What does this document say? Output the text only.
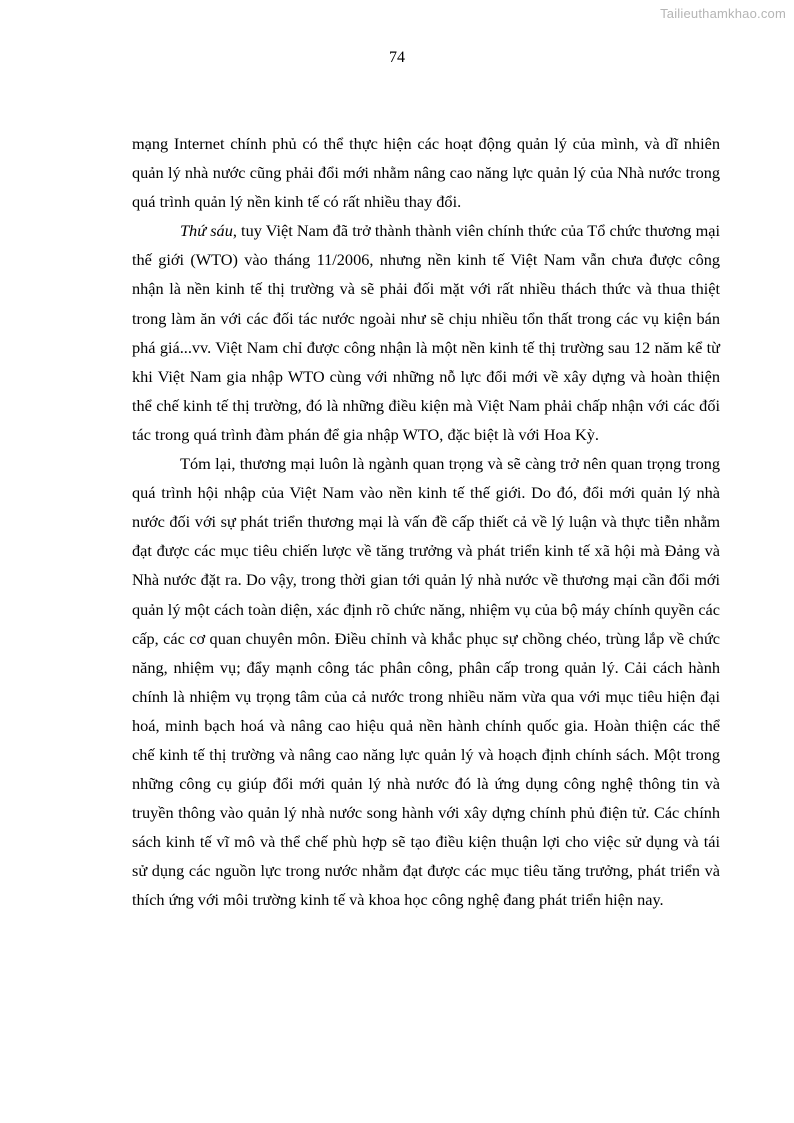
Tailieuthamkhao.com
74

mạng Internet chính phủ có thể thực hiện các hoạt động quản lý của mình, và dĩ nhiên quản lý nhà nước cũng phải đổi mới nhằm nâng cao năng lực quản lý của Nhà nước trong quá trình quản lý nền kinh tế có rất nhiều thay đổi.

Thứ sáu, tuy Việt Nam đã trở thành thành viên chính thức của Tổ chức thương mại thế giới (WTO) vào tháng 11/2006, nhưng nền kinh tế Việt Nam vẫn chưa được công nhận là nền kinh tế thị trường và sẽ phải đối mặt với rất nhiều thách thức và thua thiệt trong làm ăn với các đối tác nước ngoài như sẽ chịu nhiều tổn thất trong các vụ kiện bán phá giá...vv. Việt Nam chỉ được công nhận là một nền kinh tế thị trường sau 12 năm kể từ khi Việt Nam gia nhập WTO cùng với những nỗ lực đổi mới về xây dựng và hoàn thiện thể chế kinh tế thị trường, đó là những điều kiện mà Việt Nam phải chấp nhận với các đối tác trong quá trình đàm phán để gia nhập WTO, đặc biệt là với Hoa Kỳ.

Tóm lại, thương mại luôn là ngành quan trọng và sẽ càng trở nên quan trọng trong quá trình hội nhập của Việt Nam vào nền kinh tế thế giới. Do đó, đổi mới quản lý nhà nước đối với sự phát triển thương mại là vấn đề cấp thiết cả về lý luận và thực tiễn nhằm đạt được các mục tiêu chiến lược về tăng trưởng và phát triển kinh tế xã hội mà Đảng và Nhà nước đặt ra. Do vậy, trong thời gian tới quản lý nhà nước về thương mại cần đổi mới quản lý một cách toàn diện, xác định rõ chức năng, nhiệm vụ của bộ máy chính quyền các cấp, các cơ quan chuyên môn. Điều chỉnh và khắc phục sự chồng chéo, trùng lắp về chức năng, nhiệm vụ; đẩy mạnh công tác phân công, phân cấp trong quản lý. Cải cách hành chính là nhiệm vụ trọng tâm của cả nước trong nhiều năm vừa qua với mục tiêu hiện đại hoá, minh bạch hoá và nâng cao hiệu quả nền hành chính quốc gia. Hoàn thiện các thể chế kinh tế thị trường và nâng cao năng lực quản lý và hoạch định chính sách. Một trong những công cụ giúp đổi mới quản lý nhà nước đó là ứng dụng công nghệ thông tin và truyền thông vào quản lý nhà nước song hành với xây dựng chính phủ điện tử. Các chính sách kinh tế vĩ mô và thể chế phù hợp sẽ tạo điều kiện thuận lợi cho việc sử dụng và tái sử dụng các nguồn lực trong nước nhằm đạt được các mục tiêu tăng trưởng, phát triển và thích ứng với môi trường kinh tế và khoa học công nghệ đang phát triển hiện nay.
